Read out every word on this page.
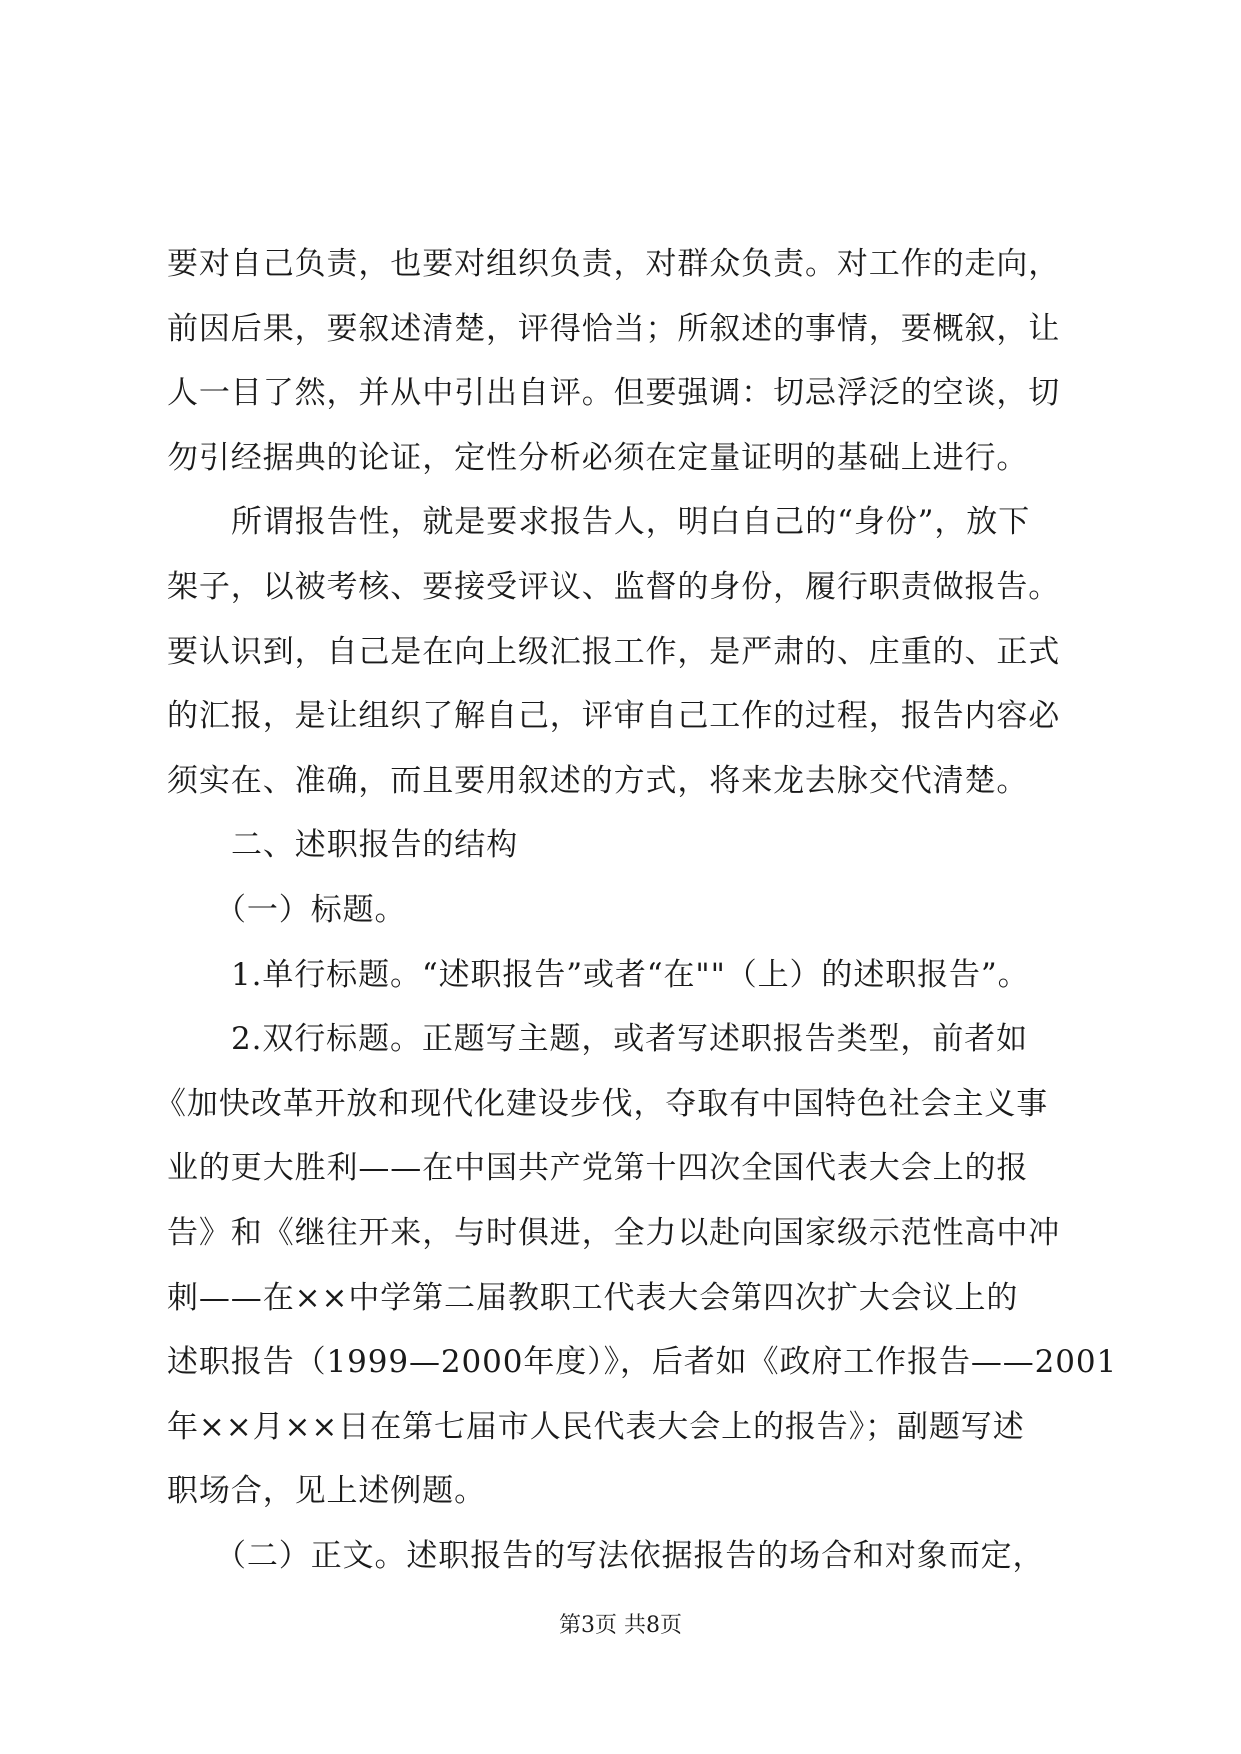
要对自己负责，也要对组织负责，对群众负责。对工作的走向，
前因后果，要叙述清楚，评得恰当；所叙述的事情，要概叙，让
人一目了然，并从中引出自评。但要强调：切忌浮泛的空谈，切
勿引经据典的论证，定性分析必须在定量证明的基础上进行。
所谓报告性，就是要求报告人，明白自己的“身份”，放下
架子，以被考核、要接受评议、监督的身份，履行职责做报告。
要认识到，自己是在向上级汇报工作，是严肃的、庄重的、正式
的汇报，是让组织了解自己，评审自己工作的过程，报告内容必
须实在、准确，而且要用叙述的方式，将来龙去脉交代清楚。
二、述职报告的结构
（一）标题。
1.单行标题。“述职报告”或者“在""（上）的述职报告”。
2.双行标题。正题写主题，或者写述职报告类型，前者如
《加快改革开放和现代化建设步伐，夺取有中国特色社会主义事
业的更大胜利——在中国共产党第十四次全国代表大会上的报
告》和《继往开来，与时俱进，全力以赴向国家级示范性高中冲
刺——在××中学第二届教职工代表大会第四次扩大会议上的
述职报告（1999—2000年度）》，后者如《政府工作报告——2001
年××月××日在第七届市人民代表大会上的报告》；副题写述
职场合，见上述例题。
（二）正文。述职报告的写法依据报告的场合和对象而定，
第3页 共8页
